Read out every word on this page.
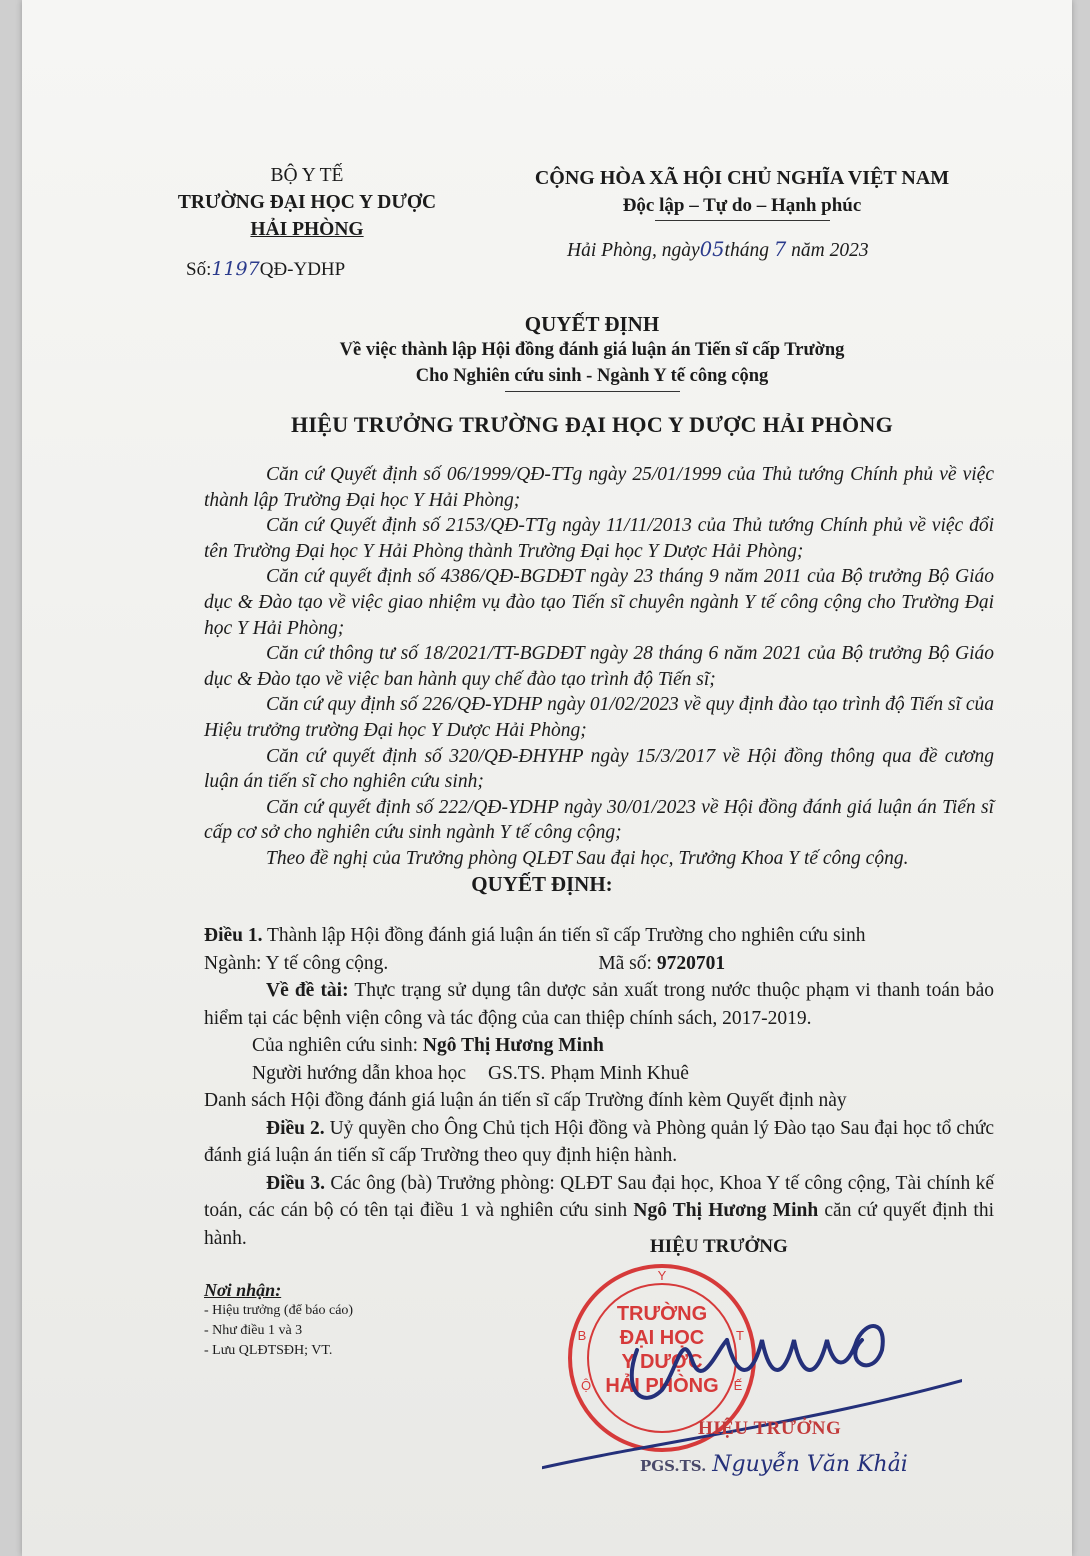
BỘ Y TẾ
TRƯỜNG ĐẠI HỌC Y DƯỢC
HẢI PHÒNG
Số:1197QĐ-YDHP
CỘNG HÒA XÃ HỘI CHỦ NGHĨA VIỆT NAM
Độc lập – Tự do – Hạnh phúc
Hải Phòng, ngày05tháng 7 năm 2023
QUYẾT ĐỊNH
Về việc thành lập Hội đồng đánh giá luận án Tiến sĩ cấp Trường
Cho Nghiên cứu sinh - Ngành Y tế công cộng
HIỆU TRƯỞNG TRƯỜNG ĐẠI HỌC Y DƯỢC HẢI PHÒNG

Căn cứ Quyết định số 06/1999/QĐ-TTg ngày 25/01/1999 của Thủ tướng Chính phủ về việc thành lập Trường Đại học Y Hải Phòng;

Căn cứ Quyết định số 2153/QĐ-TTg ngày 11/11/2013 của Thủ tướng Chính phủ về việc đổi tên Trường Đại học Y Hải Phòng thành Trường Đại học Y Dược Hải Phòng;

Căn cứ quyết định số 4386/QĐ-BGDĐT ngày 23 tháng 9 năm 2011 của Bộ trưởng Bộ Giáo dục & Đào tạo về việc giao nhiệm vụ đào tạo Tiến sĩ chuyên ngành Y tế công cộng cho Trường Đại học Y Hải Phòng;

Căn cứ thông tư số 18/2021/TT-BGDĐT ngày 28 tháng 6 năm 2021 của Bộ trưởng Bộ Giáo dục & Đào tạo về việc ban hành quy chế đào tạo trình độ Tiến sĩ;

Căn cứ quy định số 226/QĐ-YDHP ngày 01/02/2023 về quy định đào tạo trình độ Tiến sĩ của Hiệu trưởng trường Đại học Y Dược Hải Phòng;

Căn cứ quyết định số 320/QĐ-ĐHYHP ngày 15/3/2017 về Hội đồng thông qua đề cương luận án tiến sĩ cho nghiên cứu sinh;

Căn cứ quyết định số 222/QĐ-YDHP ngày 30/01/2023 về Hội đồng đánh giá luận án Tiến sĩ cấp cơ sở cho nghiên cứu sinh ngành Y tế công cộng;

Theo đề nghị của Trưởng phòng QLĐT Sau đại học, Trưởng Khoa Y tế công cộng.

QUYẾT ĐỊNH:

Điều 1. Thành lập Hội đồng đánh giá luận án tiến sĩ cấp Trường cho nghiên cứu sinh

Ngành: Y tế công cộng.	Mã số: 9720701

Về đề tài: Thực trạng sử dụng tân dược sản xuất trong nước thuộc phạm vi thanh toán bảo hiểm tại các bệnh viện công và tác động của can thiệp chính sách, 2017-2019.

Của nghiên cứu sinh: Ngô Thị Hương Minh

Người hướng dẫn khoa học GS.TS. Phạm Minh Khuê

Danh sách Hội đồng đánh giá luận án tiến sĩ cấp Trường đính kèm Quyết định này

Điều 2. Uỷ quyền cho Ông Chủ tịch Hội đồng và Phòng quản lý Đào tạo Sau đại học tổ chức đánh giá luận án tiến sĩ cấp Trường theo quy định hiện hành.

Điều 3. Các ông (bà) Trưởng phòng: QLĐT Sau đại học, Khoa Y tế công cộng, Tài chính kế toán, các cán bộ có tên tại điều 1 và nghiên cứu sinh Ngô Thị Hương Minh căn cứ quyết định thi hành.	HIỆU TRƯỞNG
Nơi nhận:
- Hiệu trưởng (để báo cáo)
- Như điều 1 và 3
- Lưu QLĐTSĐH; VT.
Y
B
Ộ
T
Ế
TRƯỜNG
ĐẠI HỌC
Y DƯỢC
HẢI PHÒNG
HIỆU TRƯỞNG
PGS.TS. Nguyễn Văn Khải
